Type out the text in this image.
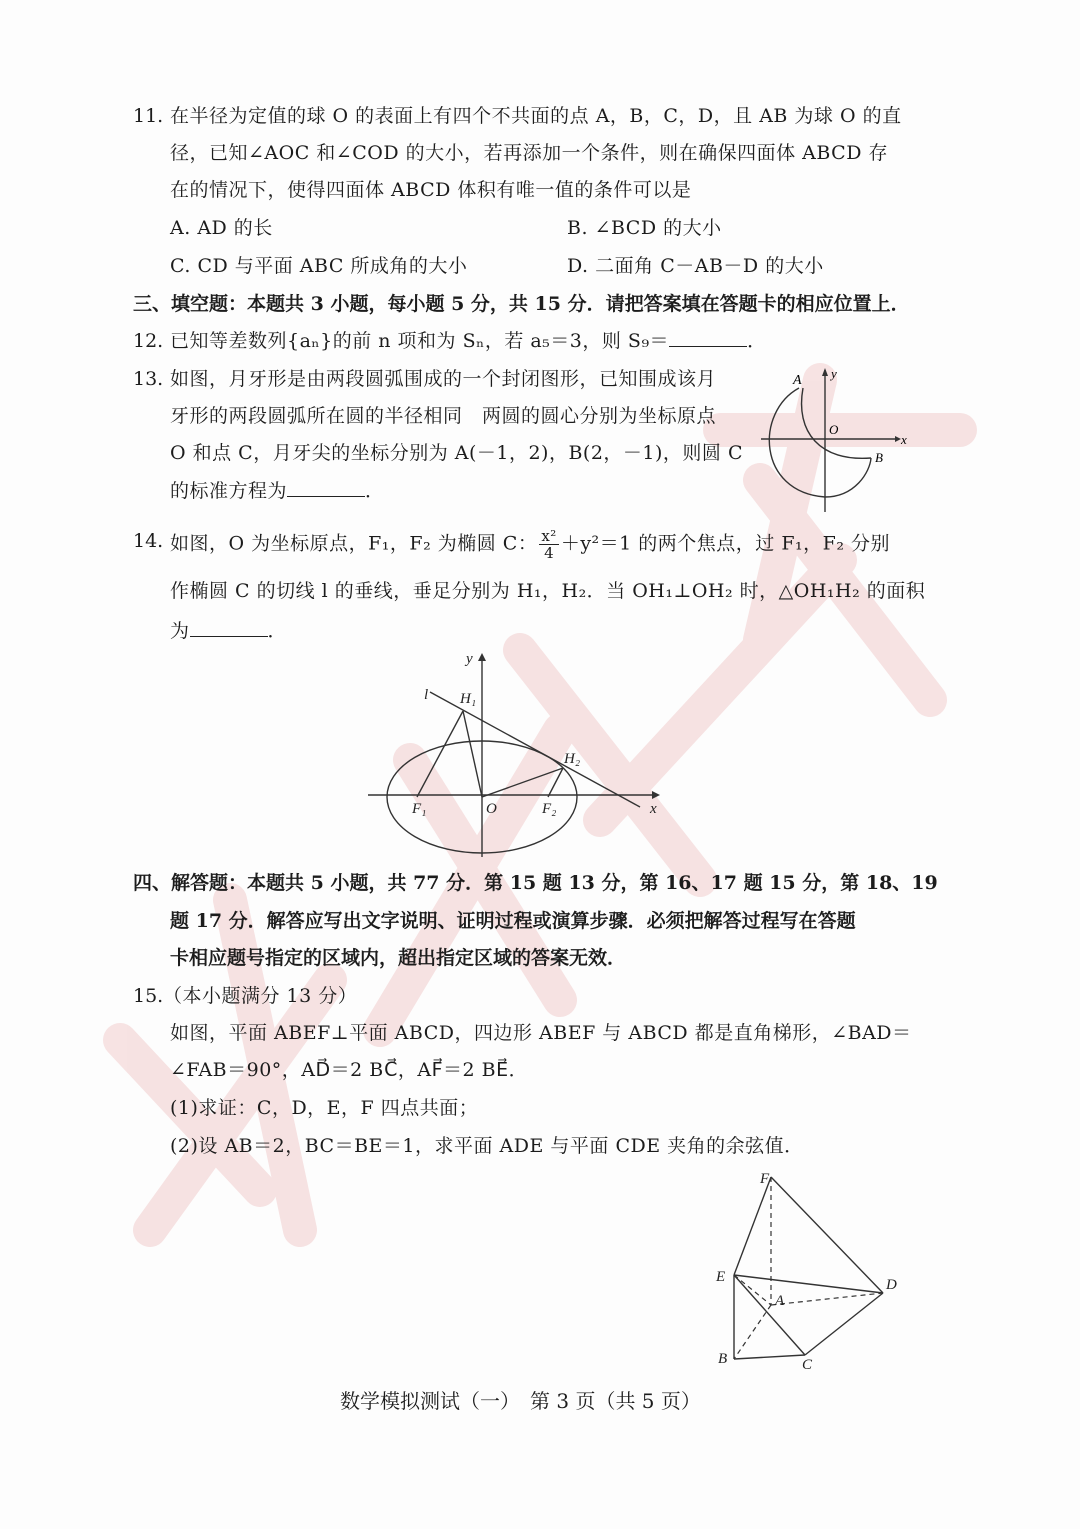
11. 在半径为定值的球 O 的表面上有四个不共面的点 A，B，C，D，且 AB 为球 O 的直
径，已知∠AOC 和∠COD 的大小，若再添加一个条件，则在确保四面体 ABCD 存
在的情况下，使得四面体 ABCD 体积有唯一值的条件可以是
A. AD 的长	B. ∠BCD 的大小
C. CD 与平面 ABC 所成角的大小	D. 二面角 C－AB－D 的大小
三、填空题：本题共 3 小题，每小题 5 分，共 15 分．请把答案填在答题卡的相应位置上．
12. 已知等差数列{aₙ}的前 n 项和为 Sₙ，若 a₅＝3，则 S₉＝	．
13. 如图，月牙形是由两段圆弧围成的一个封闭图形，已知围成该月
牙形的两段圆弧所在圆的半径相同　两圆的圆心分别为坐标原点
O 和点 C，月牙尖的坐标分别为 A(－1，2)，B(2，－1)，则圆 C
的标准方程为	．
A
B
O
x
y
14. 如图，O 为坐标原点，F₁，F₂ 为椭圆 C： $\frac{\text{x²}}{4} +y^2=1$ 的两个焦点，过 F₁，F₂ 分别
作椭圆 C 的切线 l 的垂线，垂足分别为 H₁，H₂．当 OH₁⊥OH₂ 时，△OH₁H₂ 的面积
为	．
l H₁
H₂
F₁	O	F₂	x
y
四、解答题：本题共 5 小题，共 77 分．第 15 题 13 分，第 16、17 题 15 分，第 18、19
题 17 分．解答应写出文字说明、证明过程或演算步骤．必须把解答过程写在答题
卡相应题号指定的区域内，超出指定区域的答案无效．
15. （本小题满分 13 分）
如图，平面 ABEF⊥平面 ABCD，四边形 ABEF 与 ABCD 都是直角梯形，∠BAD＝
∠FAB＝90°，AD⃗＝2 BC⃗，AF⃗＝2 BE⃗．
(1)求证：C，D，E，F 四点共面；
(2)设 AB＝2，BC＝BE＝1，求平面 ADE 与平面 CDE 夹角的余弦值．
F
E
A
D
B	C
数学模拟测试（一）　第 3 页（共 5 页）
